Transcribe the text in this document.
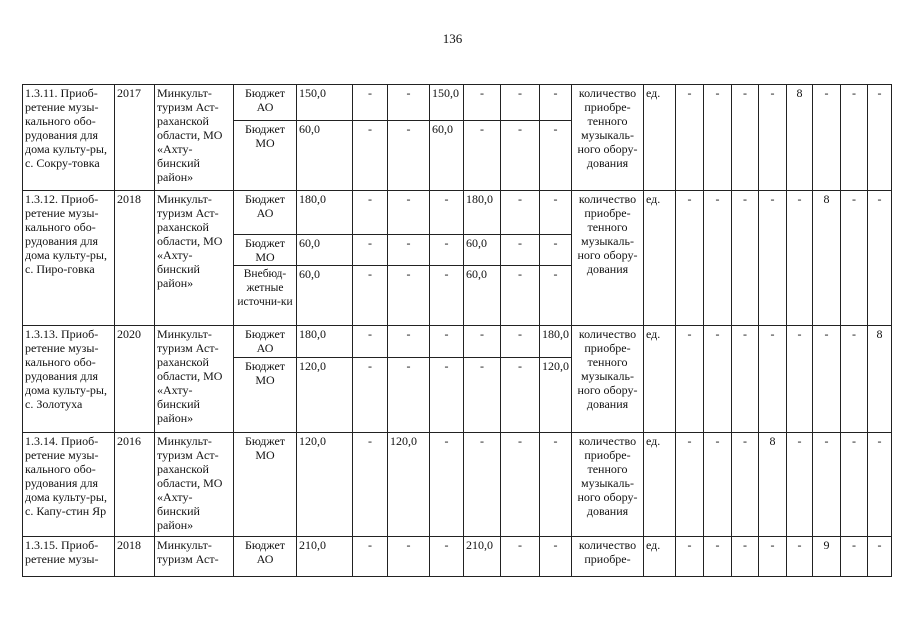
136
1.3.11. Приоб-ретение музы-кального обо-рудования для дома культу-ры, с. Сокру-товка	2017	Минкульт-туризм Аст-раханской области, МО «Ахту-бинский район»	Бюджет АО	150,0	-	-	150,0	-	-	-	количество приобре-тенного музыкаль-ного обору-дования	ед.	-	-	-	-	8	-	-	-
			Бюджет МО	60,0	-	-	60,0	-	-	-										
1.3.12. Приоб-ретение музы-кального обо-рудования для дома культу-ры, с. Пиро-говка	2018	Минкульт-туризм Аст-раханской области, МО «Ахту-бинский район»	Бюджет АО	180,0	-	-	-	180,0	-	-	количество приобре-тенного музыкаль-ного обору-дования	ед.	-	-	-	-	-	8	-	-
			Бюджет МО	60,0	-	-	-	60,0	-	-										
			Внебюд-жетные источни-ки	60,0	-	-	-	60,0	-	-										
1.3.13. Приоб-ретение музы-кального обо-рудования для дома культу-ры, с. Золотуха	2020	Минкульт-туризм Аст-раханской области, МО «Ахту-бинский район»	Бюджет АО	180,0	-	-	-	-	-	180,0	количество приобре-тенного музыкаль-ного обору-дования	ед.	-	-	-	-	-	-	-	8
			Бюджет МО	120,0	-	-	-	-	-	120,0										
1.3.14. Приоб-ретение музы-кального обо-рудования для дома культу-ры, с. Капу-стин Яр	2016	Минкульт-туризм Аст-раханской области, МО «Ахту-бинский район»	Бюджет МО	120,0	-	120,0	-	-	-	-	количество приобре-тенного музыкаль-ного обору-дования	ед.	-	-	-	8	-	-	-	-
1.3.15. Приоб-ретение музы-	2018	Минкульт-туризм Аст-	Бюджет АО	210,0	-	-	-	210,0	-	-	количество приобре-	ед.	-	-	-	-	-	9	-	-
